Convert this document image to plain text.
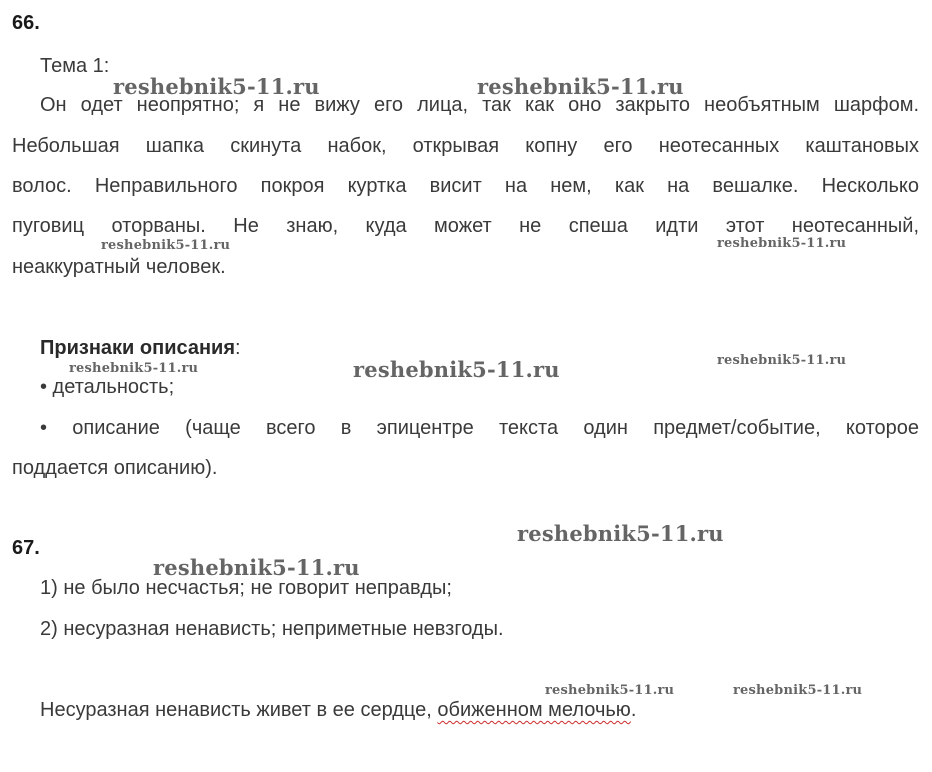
66.
Тема 1:
Он одет неопрятно; я не вижу его лица, так как оно закрыто необъятным шарфом.
Небольшая шапка скинута набок, открывая копну его неотесанных каштановых
волос. Неправильного покроя куртка висит на нем, как на вешалке. Несколько
пуговиц оторваны. Не знаю, куда может не спеша идти этот неотесанный,
неаккуратный человек.
Признаки описания:
• детальность;
• описание (чаще всего в эпицентре текста один предмет/событие, которое
поддается описанию).
67.
1) не было несчастья; не говорит неправды;
2) несуразная ненависть; неприметные невзгоды.
Несуразная ненависть живет в ее сердце, обиженном мелочью.
reshebnik5-11.ru	reshebnik5-11.ru
reshebnik5-11.ru	reshebnik5-11.ru
reshebnik5-11.ru	reshebnik5-11.ru	reshebnik5-11.ru
reshebnik5-11.ru
reshebnik5-11.ru
reshebnik5-11.ru	reshebnik5-11.ru
